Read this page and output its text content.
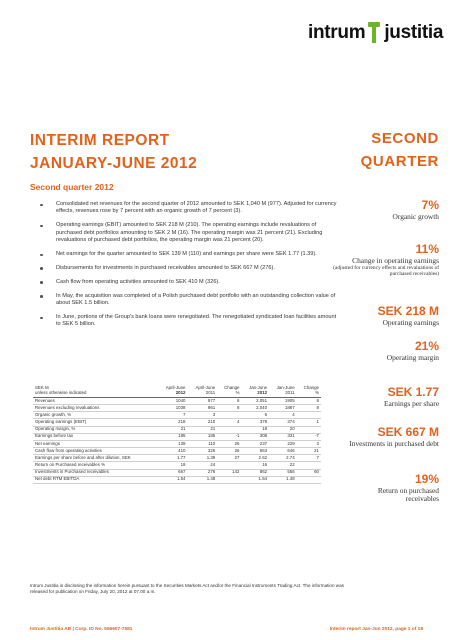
intrum justitia
INTERIM REPORT
JANUARY-JUNE 2012
Second quarter 2012
Consolidated net revenues for the second quarter of 2012 amounted to SEK 1,040 M (977). Adjusted for currency effects, revenues rose by 7 percent with an organic growth of 7 percent (3).
Operating earnings (EBIT) amounted to SEK 218 M (210). The operating earnings include revaluations of purchased debt portfolios amounting to SEK 2 M (16). The operating margin was 21 percent (21). Excluding revaluations of purchased debt portfolios, the operating margin was 21 percent (20).
Net earnings for the quarter amounted to SEK 139 M (110) and earnings per share were SEK 1.77 (1.39).
Disbursements for investments in purchased receivables amounted to SEK 667 M (276).
Cash flow from operating activities amounted to SEK 410 M (326).
In May, the acquisition was completed of a Polish purchased debt portfolio with an outstanding collection value of about SEK 1.5 billion.
In June, portions of the Group's bank loans were renegotiated. The renegotiated syndicated loan facilities amount to SEK 5 billion.
SEK M	April-June	April-June	Change	Jan-June	Jan-June	Change
unless otherwise indicated	2012	2011	%	2012	2011	%
Revenues	1040	977	6	2,051	1905	8
Revenues excluding revaluations	1038	961	8	2,040	1887	8
Organic growth, %	7	3		6	4	
Operating earnings (EBIT)	218	210	4	378	374	1
Operating margin, %	21	21		18	20	
Earnings before tax	185	186	-1	308	331	-7
Net earnings	139	110	26	237	229	3
Cash flow from operating activities	410	326	26	653	646	21
Earnings per share before and after dilution, SEK	1.77	1.39	27	2.62	2.74	7
Return on Purchased receivables %	19	24		16	22	
Investments in Purchased receivables	667	276	142	862	556	60
Net debt RTM EBITDA	1.54	1.48		1.54	1.48	
Intrum Justitia is disclosing the information herein pursuant to the Securities Markets Act and/or the Financial Instruments Trading Act. The information was released for publication on Friday, July 20, 2012 at 07.00 a.m.
Intrum Justitia AB | Corp. ID No. 556607-7581	Interim report Jan-Jun 2012, page 1 of 18
SECOND
QUARTER
7%
Organic growth
11%
Change in operating earnings
(adjusted for currency effects and revaluations of purchased receivables)
SEK 218 M
Operating earnings
21%
Operating margin
SEK 1.77
Earnings per share
SEK 667 M
Investments in purchased debt
19%
Return on purchased receivables
